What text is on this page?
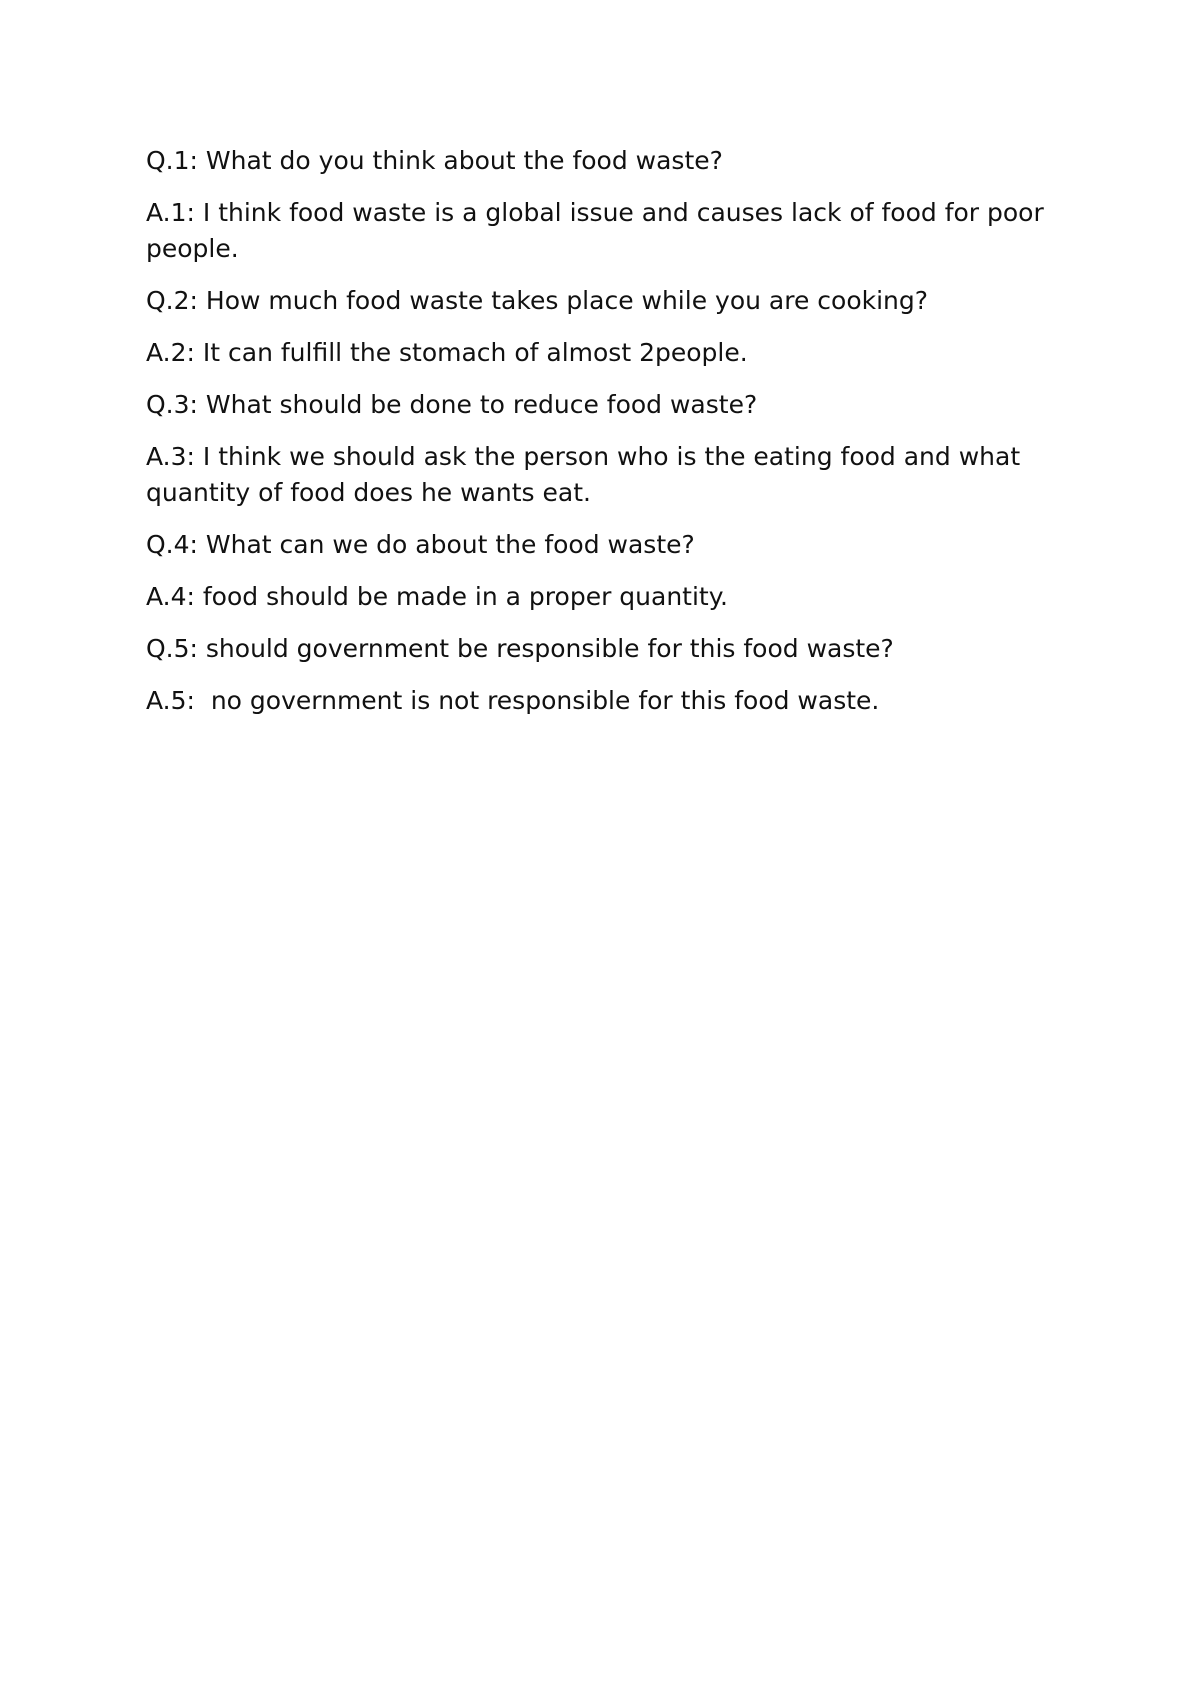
Q.1: What do you think about the food waste?

A.1: I think food waste is a global issue and causes lack of food for poor people.

Q.2: How much food waste takes place while you are cooking?

A.2: It can fulfill the stomach of almost 2people.

Q.3: What should be done to reduce food waste?

A.3: I think we should ask the person who is the eating food and what quantity of food does he wants eat.

Q.4: What can we do about the food waste?

A.4: food should be made in a proper quantity.

Q.5: should government be responsible for this food waste?

A.5:  no government is not responsible for this food waste.
